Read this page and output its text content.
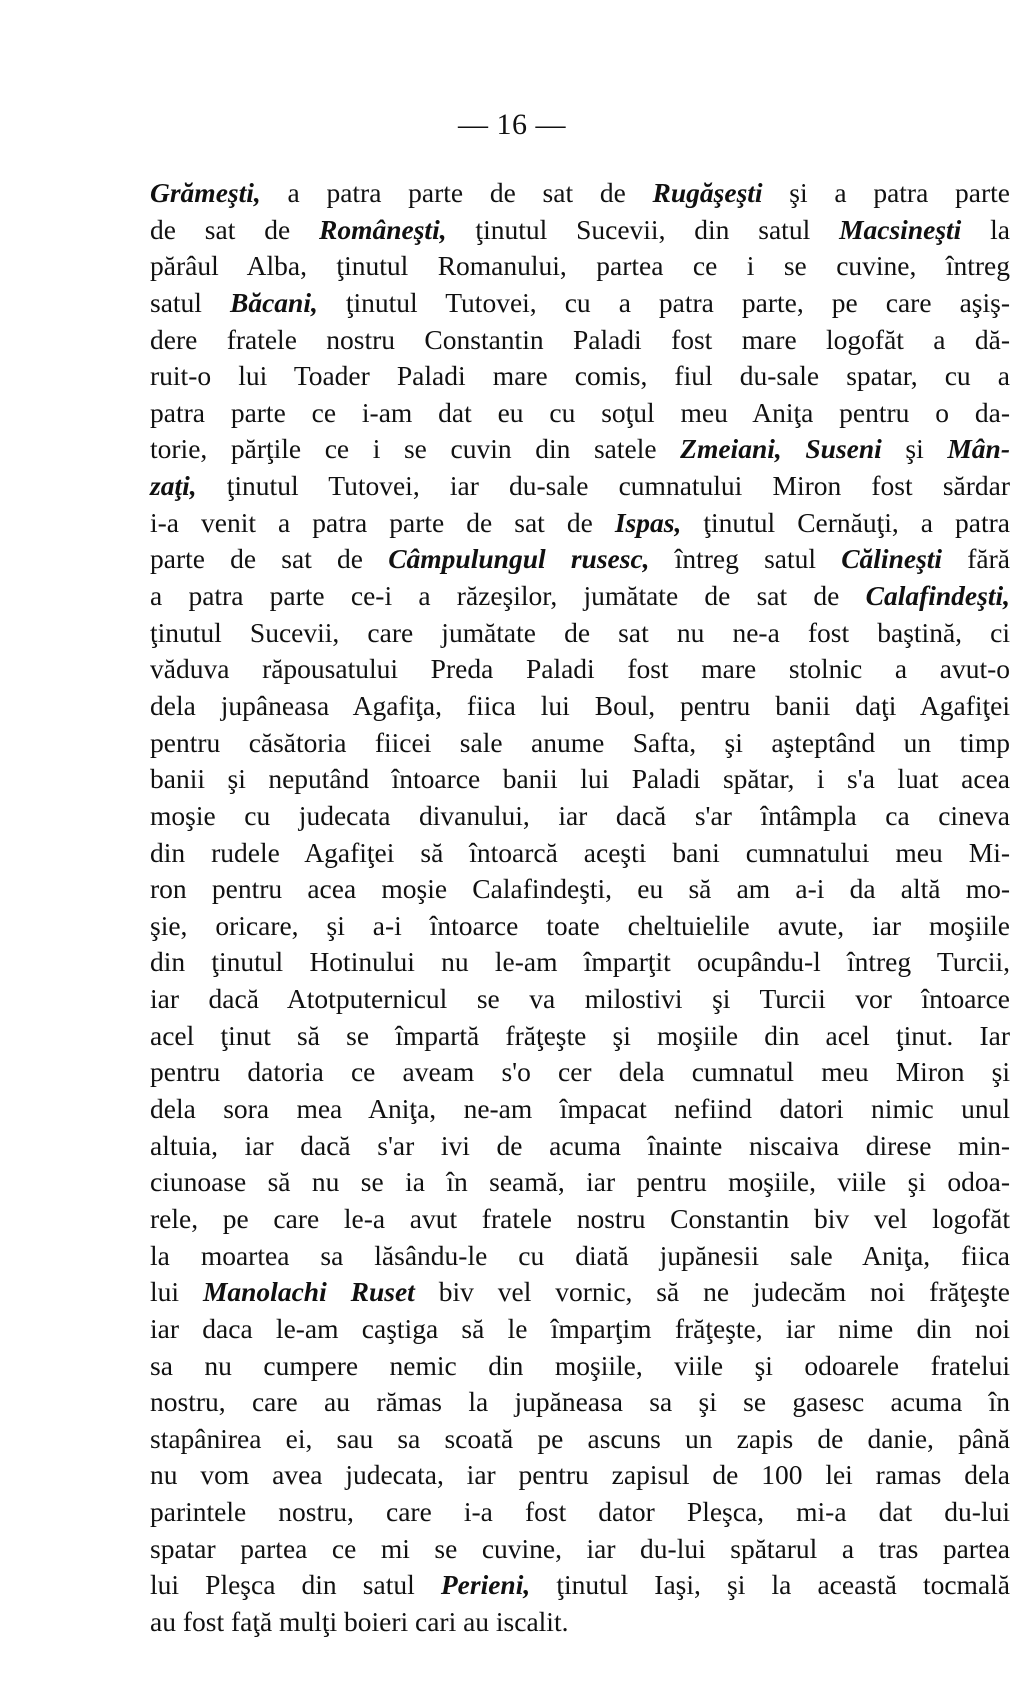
— 16 —
Grămeşti, a patra parte de sat de Rugăşeşti şi a patra parte
de sat de Româneşti, ţinutul Sucevii, din satul Macsineşti la
părâul Alba, ţinutul Romanului, partea ce i se cuvine, întreg
satul Băcani, ţinutul Tutovei, cu a patra parte, pe care aşiş-
dere fratele nostru Constantin Paladi fost mare logofăt a dă-
ruit-o lui Toader Paladi mare comis, fiul du-sale spatar, cu a
patra parte ce i-am dat eu cu soţul meu Aniţa pentru o da-
torie, părţile ce i se cuvin din satele Zmeiani, Suseni şi Mân-
zaţi, ţinutul Tutovei, iar du-sale cumnatului Miron fost sărdar
i-a venit a patra parte de sat de Ispas, ţinutul Cernăuţi, a patra
parte de sat de Câmpulungul rusesc, întreg satul Călineşti fără
a patra parte ce-i a răzeşilor, jumătate de sat de Calafindeşti,
ţinutul Sucevii, care jumătate de sat nu ne-a fost baştină, ci
văduva răpousatului Preda Paladi fost mare stolnic a avut-o
dela jupâneasa Agafiţa, fiica lui Boul, pentru banii daţi Agafiţei
pentru căsătoria fiicei sale anume Safta, şi aşteptând un timp
banii şi neputând întoarce banii lui Paladi spătar, i s'a luat acea
moşie cu judecata divanului, iar dacă s'ar întâmpla ca cineva
din rudele Agafiţei să întoarcă aceşti bani cumnatului meu Mi-
ron pentru acea moşie Calafindeşti, eu să am a-i da altă mo-
şie, oricare, şi a-i întoarce toate cheltuielile avute, iar moşiile
din ţinutul Hotinului nu le-am împarţit ocupându-l întreg Turcii,
iar dacă Atotputernicul se va milostivi şi Turcii vor întoarce
acel ţinut să se împartă frăţeşte şi moşiile din acel ţinut. Iar
pentru datoria ce aveam s'o cer dela cumnatul meu Miron şi
dela sora mea Aniţa, ne-am împacat nefiind datori nimic unul
altuia, iar dacă s'ar ivi de acuma înainte niscaiva direse min-
ciunoase să nu se ia în seamă, iar pentru moşiile, viile şi odoa-
rele, pe care le-a avut fratele nostru Constantin biv vel logofăt
la moartea sa lăsându-le cu diată jupănesii sale Aniţa, fiica
lui Manolachi Ruset biv vel vornic, să ne judecăm noi frăţeşte
iar daca le-am caştiga să le împarţim frăţeşte, iar nime din noi
sa nu cumpere nemic din moşiile, viile şi odoarele fratelui
nostru, care au rămas la jupăneasa sa şi se gasesc acuma în
stapânirea ei, sau sa scoată pe ascuns un zapis de danie, până
nu vom avea judecata, iar pentru zapisul de 100 lei ramas dela
parintele nostru, care i-a fost dator Pleşca, mi-a dat du-lui
spatar partea ce mi se cuvine, iar du-lui spătarul a tras partea
lui Pleşca din satul Perieni, ţinutul Iaşi, şi la această tocmală
au fost faţă mulţi boieri cari au iscalit.
